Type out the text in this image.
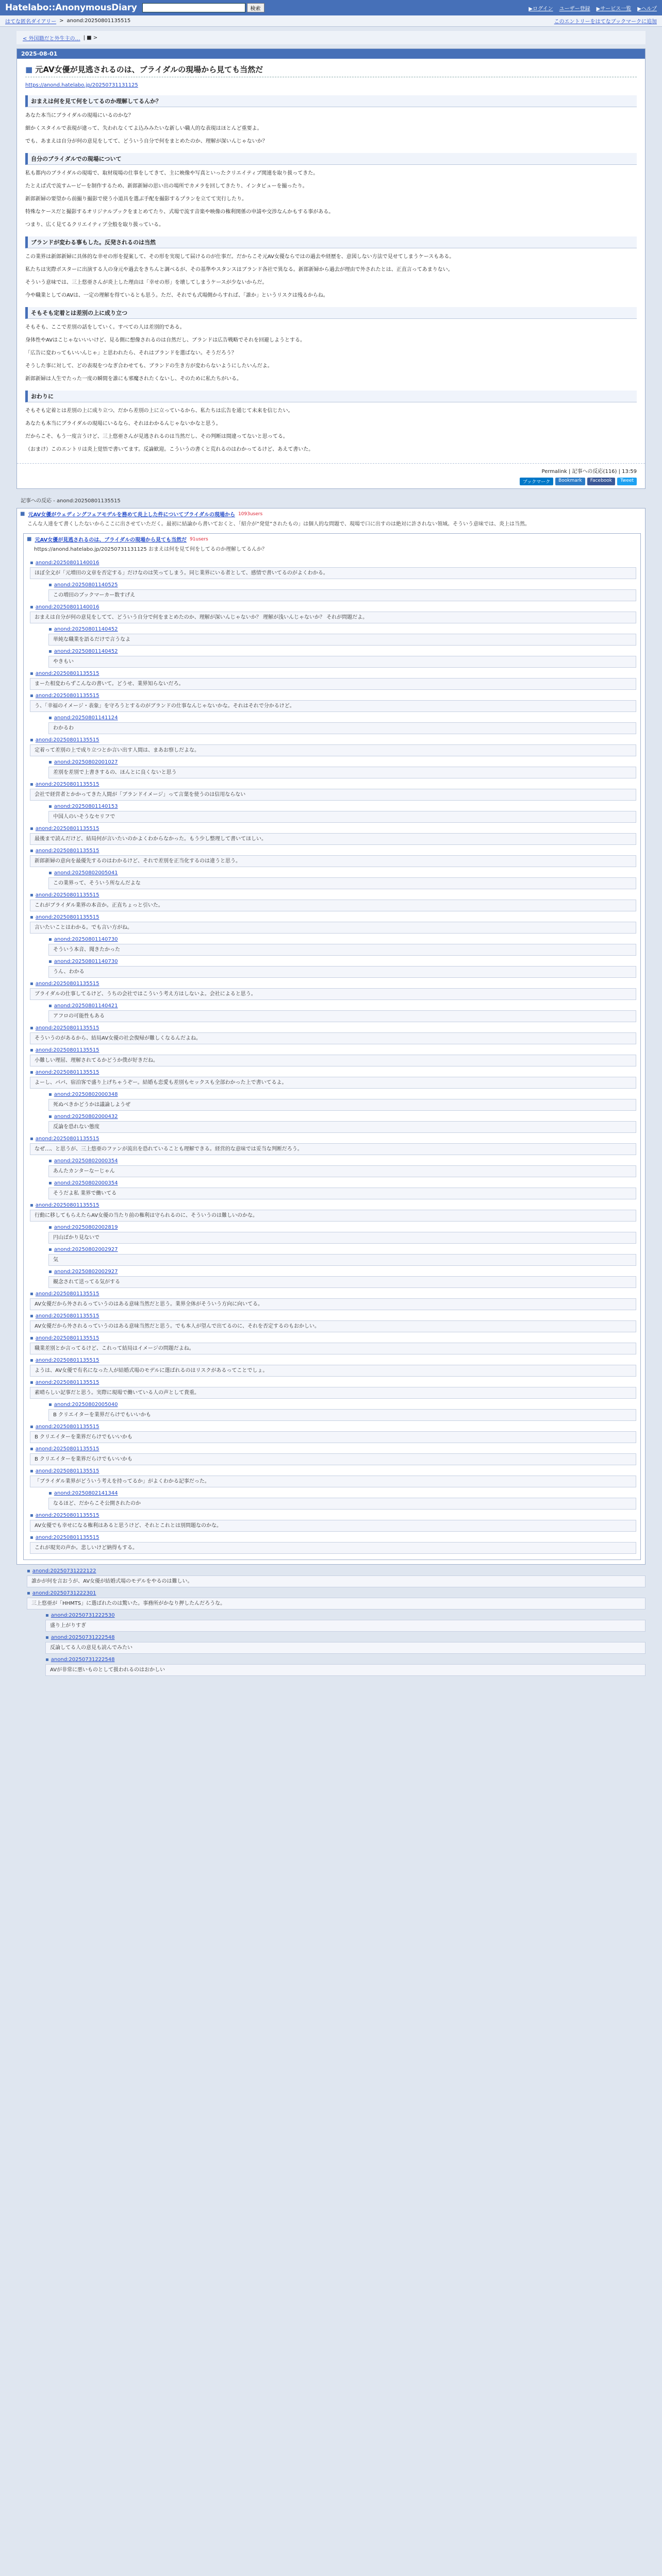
Hatelabo::AnonymousDiary	検索	▶ログイン ユーザー登録 ▶サービス一覧 ▶ヘルプ
はてな匿名ダイアリー > anond:20250801135515	このエントリーをはてなブックマークに追加
< 外国籍だと外生主の… | ■ >
2025-08-01
■ 元AV女優が見逃されるのは、ブライダルの現場から見ても当然だ
https://anond.hatelabo.jp/20250731131125
おまえは何を見て何をしてるのか理解してるんか？

あなた本当にブライダルの現場にいるのかな？

細かくスタイルで表現が違って、失われなくてよ込みみたいな新しい職人的な表現はほとんど重要よ。

でも、あまえは自分が何の意見をしてて、どういう自分で何をまとめたのか、理解が深いんじゃないか？

自分のブライダルでの現場について

私も都内のブライダルの現場で、取材現場の仕事をしてきて、主に映像や写真といったクリエイティブ関連を取り扱ってきた。

たとえば式で流すムービーを制作するため、新郎新婦の思い出の場所でカメラを回してきたり、インタビューを撮ったり。

新郎新婦の要望から前撮り撮影で使う小道具を選ぶ手配を撮影するプランを立てて実行したり。

特殊なケースだと撮影するオリジナルブックをまとめてたり、式場で流す音楽や映像の権利関係の申請や交渉なんかもする事がある。

つまり、広く見てるクリエイティブ全般を取り扱っている。

ブランドが変わる事もした。反発されるのは当然

この業界は新郎新婦に具体的な幸せの形を提案して、その形を実現して届けるのが仕事だ。だからこそ元AV女優ならではの過去や経歴を、意図しない方法で見せてしまうケースもある。

私たちは実際ポスターに出演する人の身元や過去をきちんと調べるが、その基準やスタンスはブランド各社で異なる。新郎新婦から過去が理由で外されたとは、正直言ってあまりない。

そういう意味では、三上悠亜さんが炎上した理由は「幸せの形」を壊してしまうケースが少ないからだ。

今や職業としてのAVは、一定の理解を得ているとも思う。ただ、それでも式場側からすれば、「誰か」というリスクは残るからね。

そもそも定着とは差別の上に成り立つ

そもそも、ここで差別の話をしていく。すべての人は差別的である。

身体性やAVはこじゃないいいけど、見る側に想像されるのは自然だし、ブランドは広告戦略でそれを回避しようとする。

「広告に変わってもいいんじゃ」と思われたら、それはブランドを選ばない。そうだろう？

そうした事に対して、どの表現をつなぎ合わせても、ブランドの生き方が変わらないようにしたいんだよ。

新郎新婦は人生でたった一度の瞬間を誰にも邪魔されたくないし、そのために私たちがいる。

おわりに

そもそも定着とは差別の上に成り立つ、だから差別の上に立っているから、私たちは広告を通じて未来を信じたい。

あなたも本当にブライダルの現場にいるなら、それはわかるんじゃないかなと思う。

だからこそ、もう一度言うけど、三上悠亜さんが見逃されるのは当然だし、その判断は間違ってないと思ってる。

（おまけ）このエントリは炎上覚悟で書いてます。反論歓迎。こういうの書くと荒れるのはわかってるけど、あえて書いた。

Permalink | 記事への反応(116) | 13:59
ブックマーク	Bookmark	Facebook	Tweet
記事への反応 - anond:20250801135515
■ 元AV女優がウェディングフェアモデルを務めて炎上した件についてブライダルの現場から 1093users
こんな人達をて書くしたないからここに出させていただく。最初に結論から書いておくと、「紹介が”発覚”されたもの」は個人的な問題で、現場で口に出すのは絶対に許されない領域。そういう意味では、炎上は当然。
■ 元AV女優が見逃されるのは、ブライダルの現場から見ても当然だ 91users
https://anond.hatelabo.jp/20250731131125 おまえは何を見て何をしてるのか理解してるんか？
▪ anond:20250801140016
ほぼ全文が「元増田の文章を否定する」だけなのは笑ってしまう。同じ業界にいる者として、感情で書いてるのがよくわかる。
▪ anond:20250801140525
この増田のブックマーカー数すげえ
▪ anond:20250801140016
おまえは自分が何の意見をしてて、どういう自分で何をまとめたのか、理解が深いんじゃないか？ 理解が浅いんじゃないか？ それが問題だよ。
▪ anond:20250801140452
単純な職業を語るだけで言うなよ
▪ anond:20250801140452
やきもい
▪ anond:20250801135515
まーた相変わらずこんなの書いて。どうせ、業界知らないだろ。
▪ anond:20250801135515
う、「幸福のイメージ・表象」を守ろうとするのがブランドの仕事なんじゃないかな。それはそれで分かるけど。
▪ anond:20250801141124
わかるわ
▪ anond:20250801135515
定着って差別の上で成り立つとか言い出す人間は、まあお察しだよな。
▪ anond:20250802001027
差別を差別で上書きするの、ほんとに良くないと思う
▪ anond:20250801135515
会社で経営者とかかってきた人間が「ブランドイメージ」って言葉を使うのは信用ならない
▪ anond:20250801140153
中国人のいそうなセリフで
▪ anond:20250801135515
最後まで読んだけど、結局何が言いたいのかよくわからなかった。もう少し整理して書いてほしい。
▪ anond:20250801135515
新郎新婦の意向を最優先するのはわかるけど、それで差別を正当化するのは違うと思う。
▪ anond:20250802005041
この業界って、そういう所なんだよな
▪ anond:20250801135515
これがブライダル業界の本音か。正直ちょっと引いた。
▪ anond:20250801135515
言いたいことはわかる。でも言い方がね。
▪ anond:20250801140730
そういう本音、聞きたかった
▪ anond:20250801140730
うん、わかる
▪ anond:20250801135515
ブライダルの仕事してるけど、うちの会社ではこういう考え方はしないよ。会社によると思う。
▪ anond:20250801140421
アフロの可能性もある
▪ anond:20250801135515
そういうのがあるから、結局AV女優の社会復帰が難しくなるんだよね。
▪ anond:20250801135515
小難しい理屈、理解されてるかどうか僕が好きだね。
▪ anond:20250801135515
よーし、パパ、宿泊客で盛り上げちゃうぞー。結婚も恋愛も差別もセックスも全部わかった上で書いてるよ。
▪ anond:20250802000348
死ぬべきかどうかは議論しようぜ
▪ anond:20250802000432
反論を恐れない態度
▪ anond:20250801135515
なぜ…、と思うが、三上悠亜のファンが流出を恐れていることも理解できる。経営的な意味では妥当な判断だろう。
▪ anond:20250802000354
あんたカンターなーじゃん
▪ anond:20250802000354
そうだよ私 業界で働いてる
▪ anond:20250801135515
行動に移してもらえたらAV女優の当たり前の権利は守られるのに、そういうのは難しいのかな。
▪ anond:20250802002819
円山ばかり見ないで
▪ anond:20250802002927
気
▪ anond:20250802002927
観念されて送ってる気がする
▪ anond:20250801135515
AV女優だから外されるっていうのはある意味当然だと思う。業界全体がそういう方向に向いてる。
▪ anond:20250801135515
AV女優だから外されるっていうのはある意味当然だと思う。でも本人が望んで出てるのに、それを否定するのもおかしい。
▪ anond:20250801135515
職業差別とか言ってるけど、これって結局はイメージの問題だよね。
▪ anond:20250801135515
ようは、AV女優で有名になった人が結婚式場のモデルに選ばれるのはリスクがあるってことでしょ。
▪ anond:20250801135515
素晴らしい記事だと思う。実際に現場で働いている人の声として貴重。
▪ anond:20250802005040
B クリエイターを業界だらけでもいいかも
▪ anond:20250801135515
B クリエイターを業界だらけでもいいかも
▪ anond:20250801135515
B クリエイターを業界だらけでもいいかも
▪ anond:20250801135515
「ブライダル業界がどういう考えを持ってるか」がよくわかる記事だった。
▪ anond:20250802141344
なるほど、だからこそ公開されたのか
▪ anond:20250801135515
AV女優でも幸せになる権利はあると思うけど、それとこれとは別問題なのかな。
▪ anond:20250801135515
これが現実の声か。悲しいけど納得もする。
▪ anond:20250731222122
誰かが何を言おうが、AV女優が結婚式場のモデルをやるのは難しい。
▪ anond:20250731222301
三上悠亜が「HHMTS」に選ばれたのは驚いた。事務所がかなり押したんだろうな。
▪ anond:20250731222530
盛り上がりすぎ
▪ anond:20250731222548
反論してる人の意見も読んでみたい
▪ anond:20250731222548
AVが非常に悪いものとして扱われるのはおかしい
